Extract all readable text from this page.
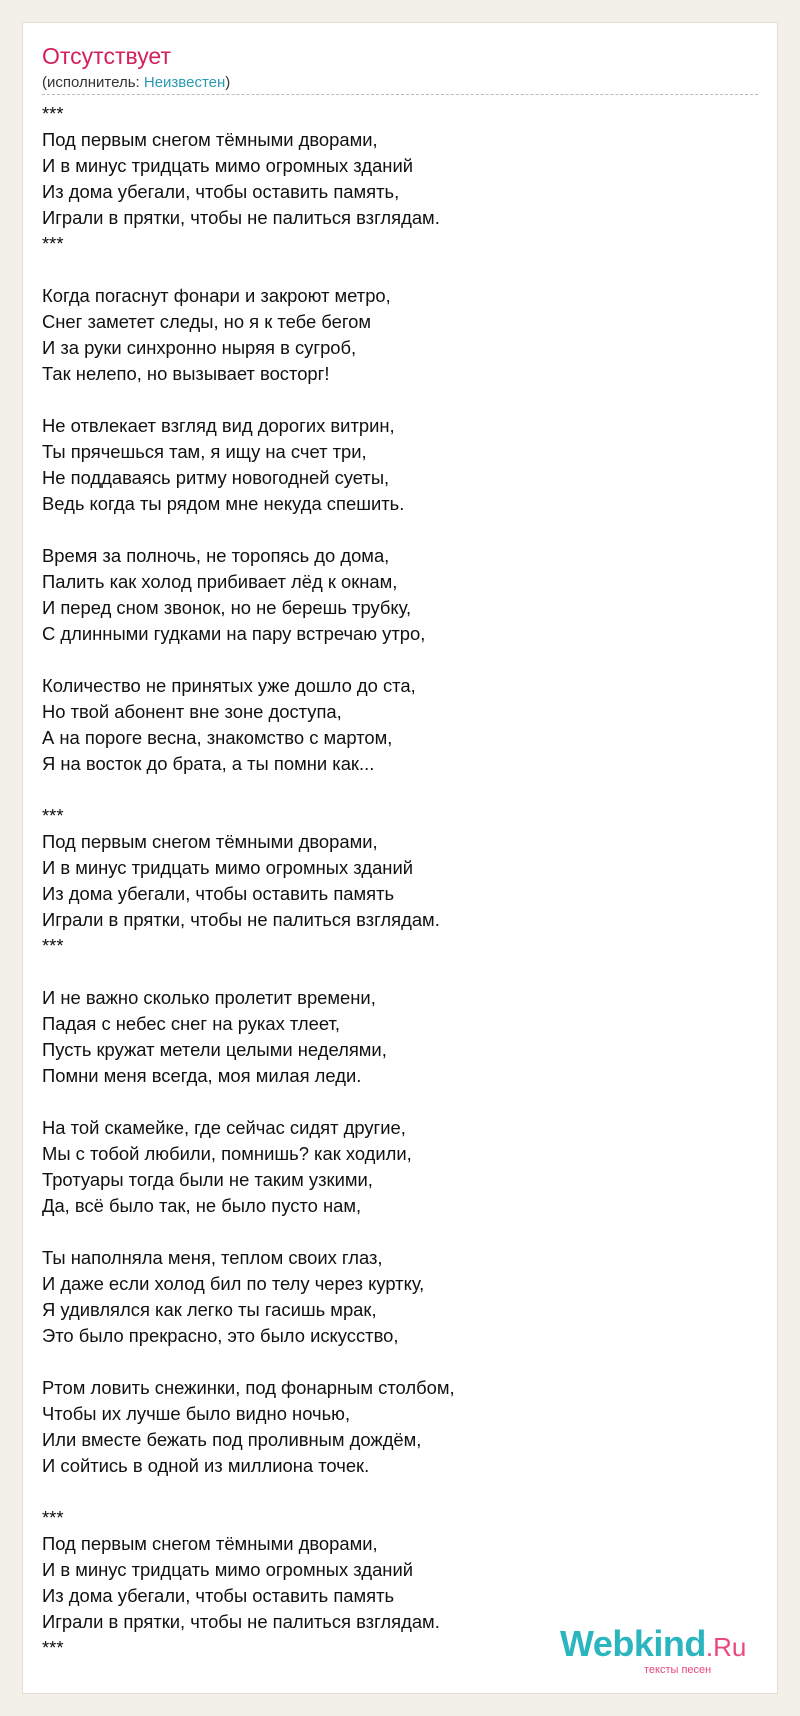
Отсутствует
(исполнитель: Неизвестен)
***
Под первым снегом тёмными дворами,
И в минус тридцать мимо огромных зданий
Из дома убегали, чтобы оставить память,
Играли в прятки, чтобы не палиться взглядам.
***

Когда погаснут фонари и закроют метро,
Снег заметет следы, но я к тебе бегом
И за руки синхронно ныряя в сугроб,
Так нелепо, но вызывает восторг!

Не отвлекает взгляд вид дорогих витрин,
Ты прячешься там, я ищу на счет три,
Не поддаваясь ритму новогодней суеты,
Ведь когда ты рядом мне некуда спешить.

Время за полночь, не торопясь до дома,
Палить как холод прибивает лёд к окнам,
И перед сном звонок, но не берешь трубку,
С длинными гудками на пару встречаю утро,

Количество не принятых уже дошло до ста,
Но твой абонент вне зоне доступа,
А на пороге весна, знакомство с мартом,
Я на восток до брата, а ты помни как...

***
Под первым снегом тёмными дворами,
И в минус тридцать мимо огромных зданий
Из дома убегали, чтобы оставить память
Играли в прятки, чтобы не палиться взглядам.
***

И не важно сколько пролетит времени,
Падая с небес снег на руках тлеет,
Пусть кружат метели целыми неделями,
Помни меня всегда, моя милая леди.

На той скамейке, где сейчас сидят другие,
Мы с тобой любили, помнишь? как ходили,
Тротуары тогда были не таким узкими,
Да, всё было так, не было пусто нам,

Ты наполняла меня, теплом своих глаз,
И даже если холод бил по телу через куртку,
Я удивлялся как легко ты гасишь мрак,
Это было прекрасно, это было искусство,

Ртом ловить снежинки, под фонарным столбом,
Чтобы их лучше было видно ночью,
Или вместе бежать под проливным дождём,
И сойтись в одной из миллиона точек.

***
Под первым снегом тёмными дворами,
И в минус тридцать мимо огромных зданий
Из дома убегали, чтобы оставить память
Играли в прятки, чтобы не палиться взглядам.
***	Webkind.Ru
тексты песен
